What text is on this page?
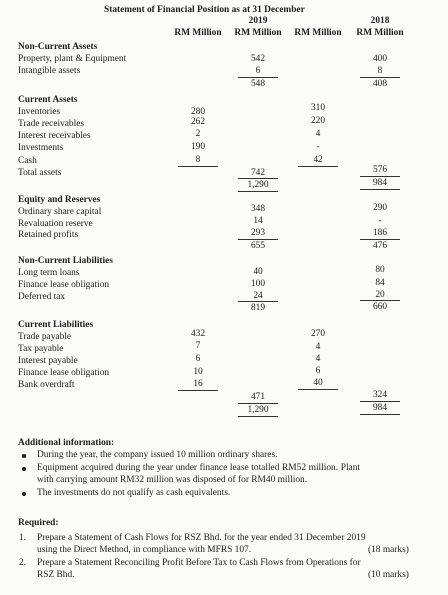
Statement of Financial Position as at 31 December
2019	2018
RM Million	RM Million	RM Million	RM Million
Non-Current Assets
Property, plant & Equipment	542	400
Intangible assets	6	8
548	408
Current Assets
Inventories	280	310
Trade receivables	262	220
Interest receivables	2	4
Investments	190	-
Cash	8	42
Total assets	742	576
1,290	984
Equity and Reserves
Ordinary share capital	348	290
Revaluation reserve	14	-
Retained profits	293	186
655	476
Non-Current Liabilities
Long term loans	40	80
Finance lease obligation	100	84
Deferred tax	24	20
819	660
Current Liabilities
Trade payable	432	270
Tax payable	7	4
Interest payable	6	4
Finance lease obligation	10	6
Bank overdraft	16	40
471	324
1,290	984
Additional information:
During the year, the company issued 10 million ordinary shares.
Equipment acquired during the year under finance lease totalled RM52 million. Plant
with carrying amount RM32 million was disposed of for RM40 million.
The investments do not qualify as cash equivalents.
Required:
1. Prepare a Statement of Cash Flows for RSZ Bhd. for the year ended 31 December 2019
using the Direct Method, in compliance with MFRS 107.	(18 marks)
2. Prepare a Statement Reconciling Profit Before Tax to Cash Flows from Operations for
RSZ Bhd.	(10 marks)
